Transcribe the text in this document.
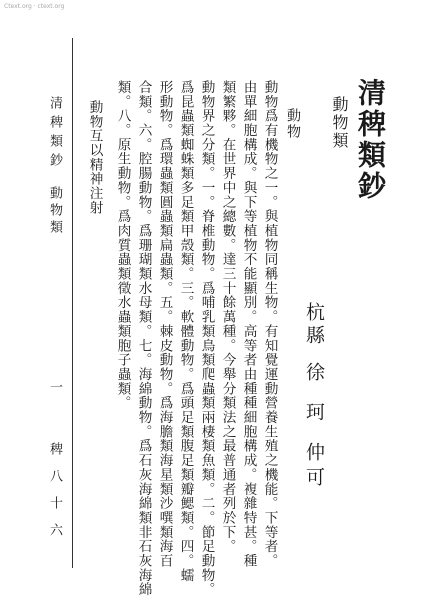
Ctext.org · ctext.org
清稗類鈔
動物類
杭縣
徐
珂
仲可
動物
動物爲有機物之一。與植物同稱生物。有知覺運動營養生殖之機能。下等者。
由單細胞構成。與下等植物不能顯別。高等者由種種細胞構成。複雜特甚。種
類繁夥。在世界中之總數。達三十餘萬種。今舉分類法之最普通者列於下。
動物界之分類。一。脊椎動物。爲哺乳類鳥類爬蟲類兩棲類魚類。二。節足動物。
爲昆蟲類蜘蛛類多足類甲殼類。三。軟體動物。爲頭足類腹足類瓣鰓類。四。蠕
形動物。爲環蟲類圓蟲類扁蟲類。五。棘皮動物。爲海膽類海星類沙噀類海百
合類。六。腔腸動物。爲珊瑚類水母類。七。海綿動物。爲石灰海綿類非石灰海綿
類。八。原生動物。爲肉質蟲類徵水蟲類胞子蟲類。
動物互以精神注射
清稗類鈔
動物類
一
稗八十六
